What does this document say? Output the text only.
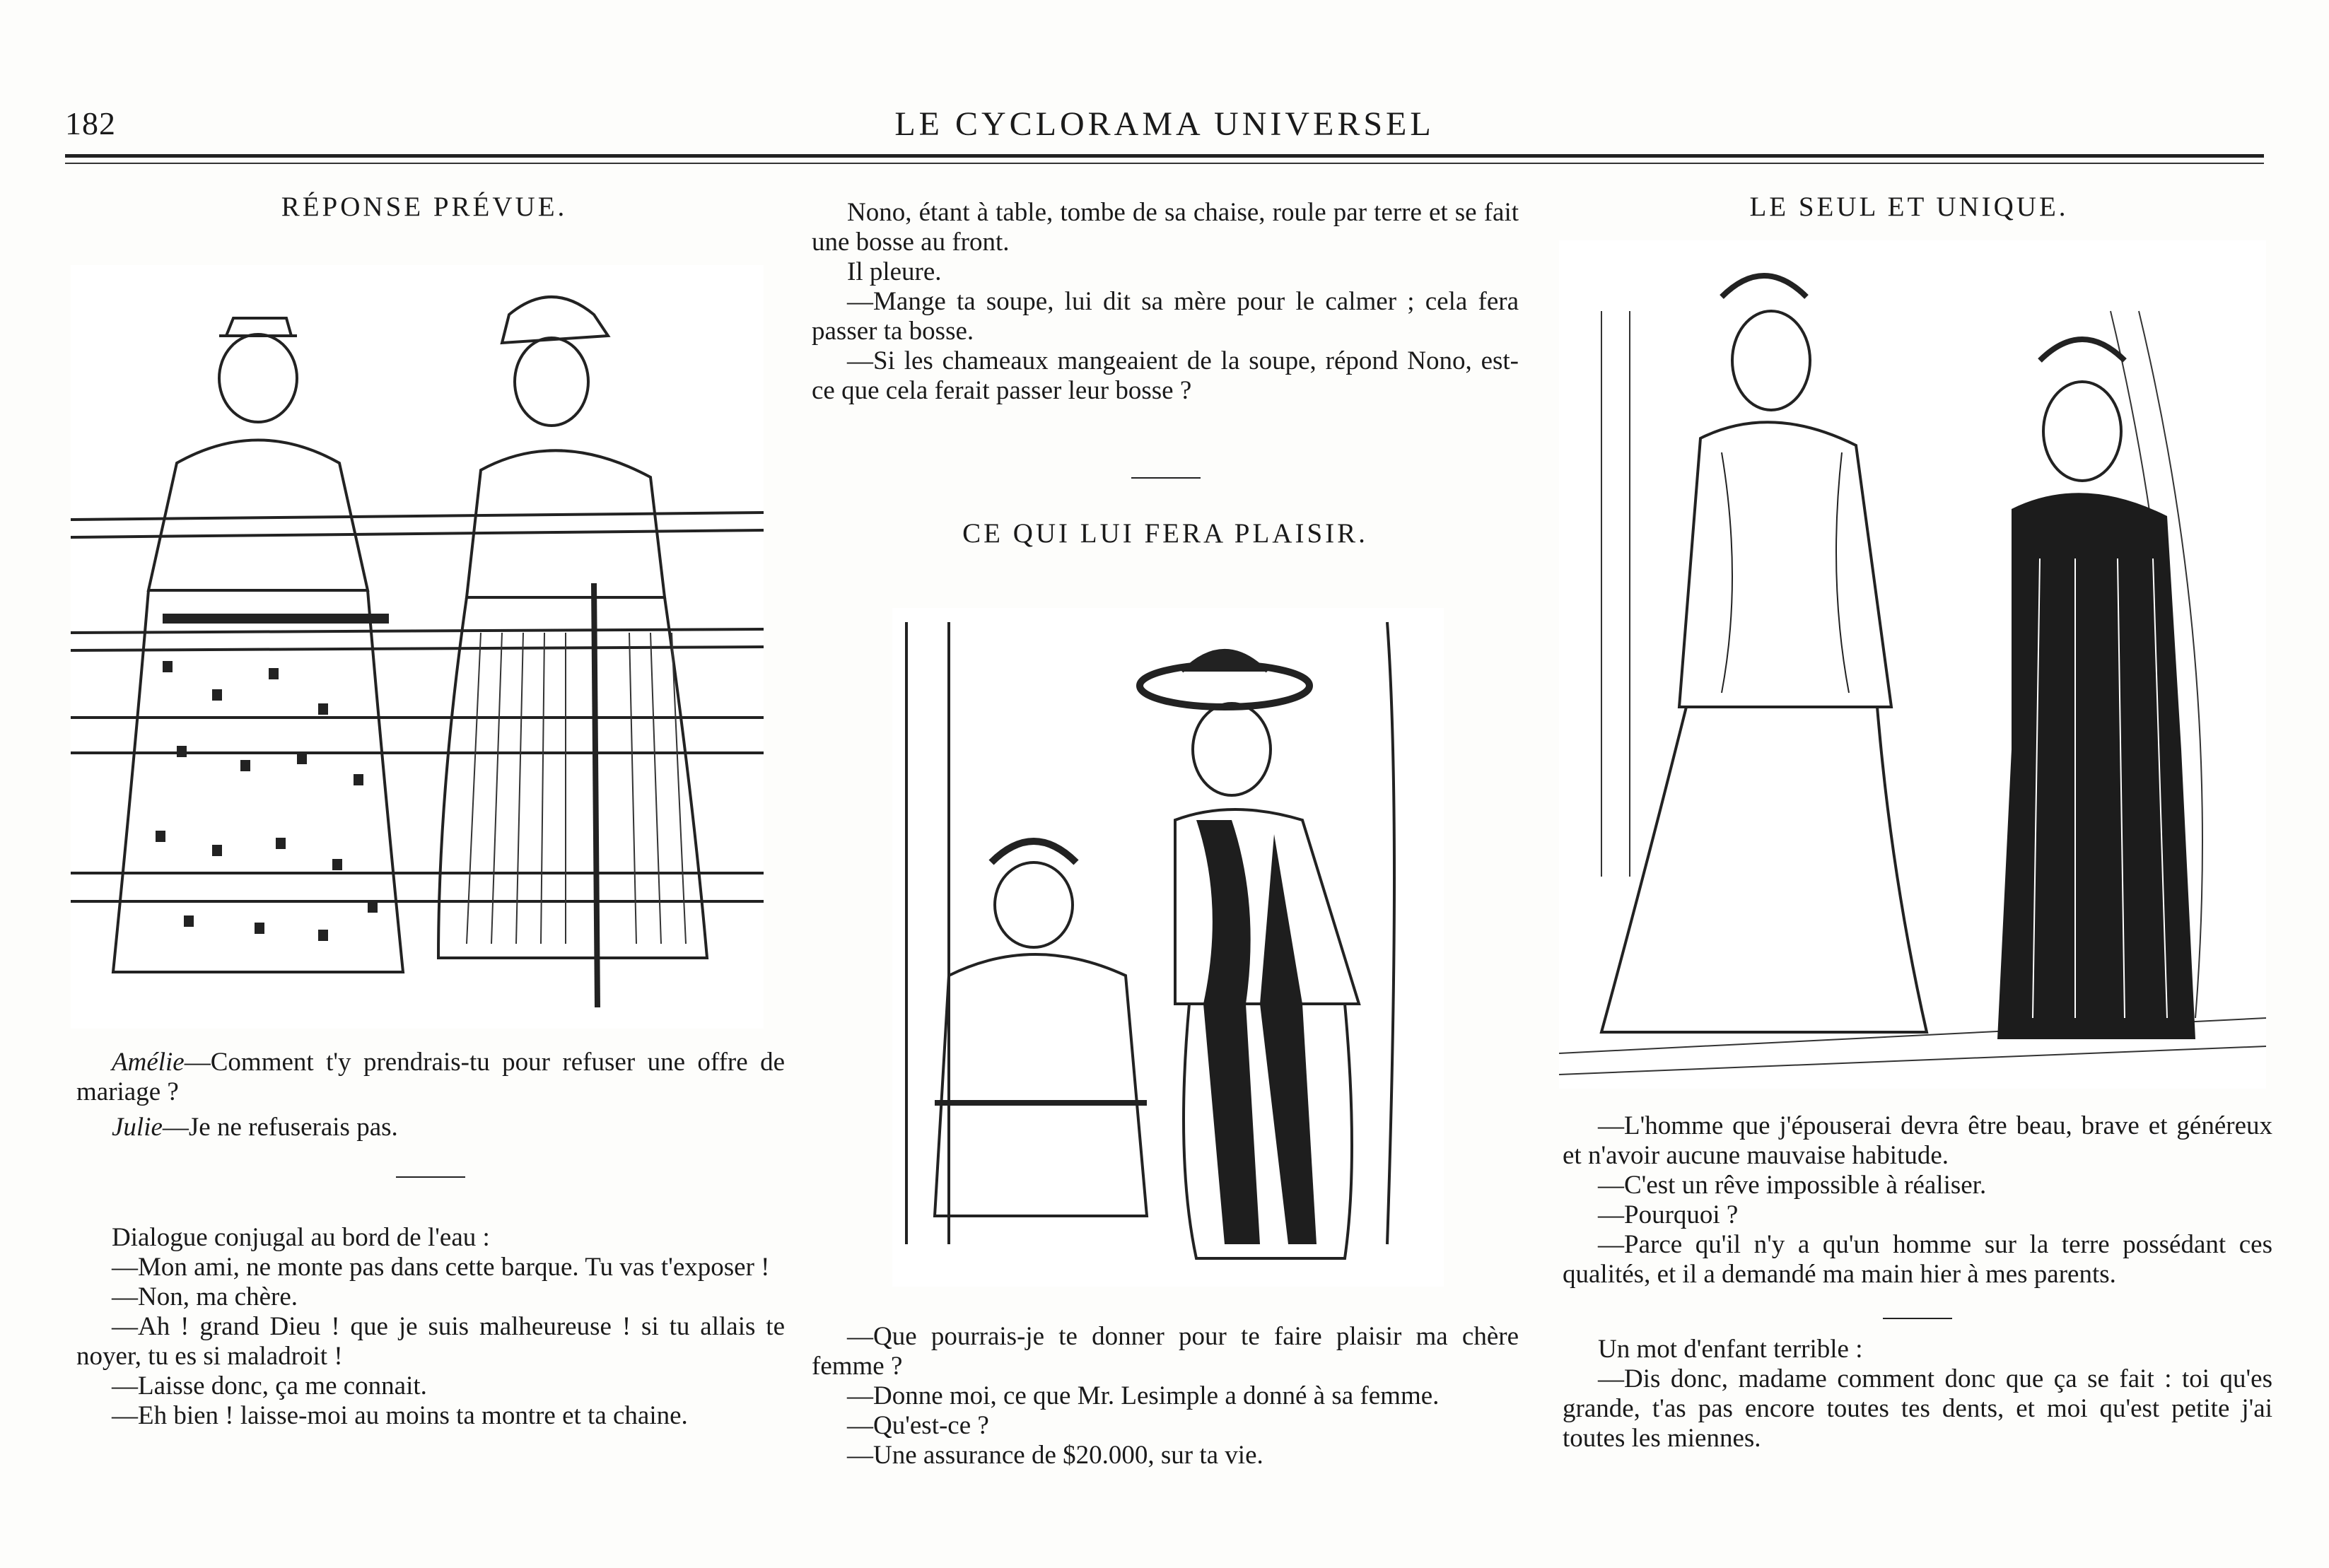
182	LE CYCLORAMA UNIVERSEL
RÉPONSE PRÉVUE.

Amélie—Comment t'y prendrais-tu pour refuser une offre de mariage ?

Julie—Je ne refuserais pas.

Dialogue conjugal au bord de l'eau :

—Mon ami, ne monte pas dans cette barque. Tu vas t'exposer !

—Non, ma chère.

—Ah ! grand Dieu ! que je suis malheureuse ! si tu allais te noyer, tu es si maladroit !

—Laisse donc, ça me connait.

—Eh bien ! laisse-moi au moins ta montre et ta chaine.

Nono, étant à table, tombe de sa chaise, roule par terre et se fait une bosse au front.

Il pleure.

—Mange ta soupe, lui dit sa mère pour le calmer ; cela fera passer ta bosse.

—Si les chameaux mangeaient de la soupe, répond Nono, est-ce que cela ferait passer leur bosse ?

CE QUI LUI FERA PLAISIR.

—Que pourrais-je te donner pour te faire plaisir ma chère femme ?

—Donne moi, ce que Mr. Lesimple a donné à sa femme.

—Qu'est-ce ?

—Une assurance de $20.000, sur ta vie.

LE SEUL ET UNIQUE.

—L'homme que j'épouserai devra être beau, brave et généreux et n'avoir aucune mauvaise habitude.

—C'est un rêve impossible à réaliser.

—Pourquoi ?

—Parce qu'il n'y a qu'un homme sur la terre possédant ces qualités, et il a demandé ma main hier à mes parents.

Un mot d'enfant terrible :

—Dis donc, madame comment donc que ça se fait : toi qu'es grande, t'as pas encore toutes tes dents, et moi qu'est petite j'ai toutes les miennes.
